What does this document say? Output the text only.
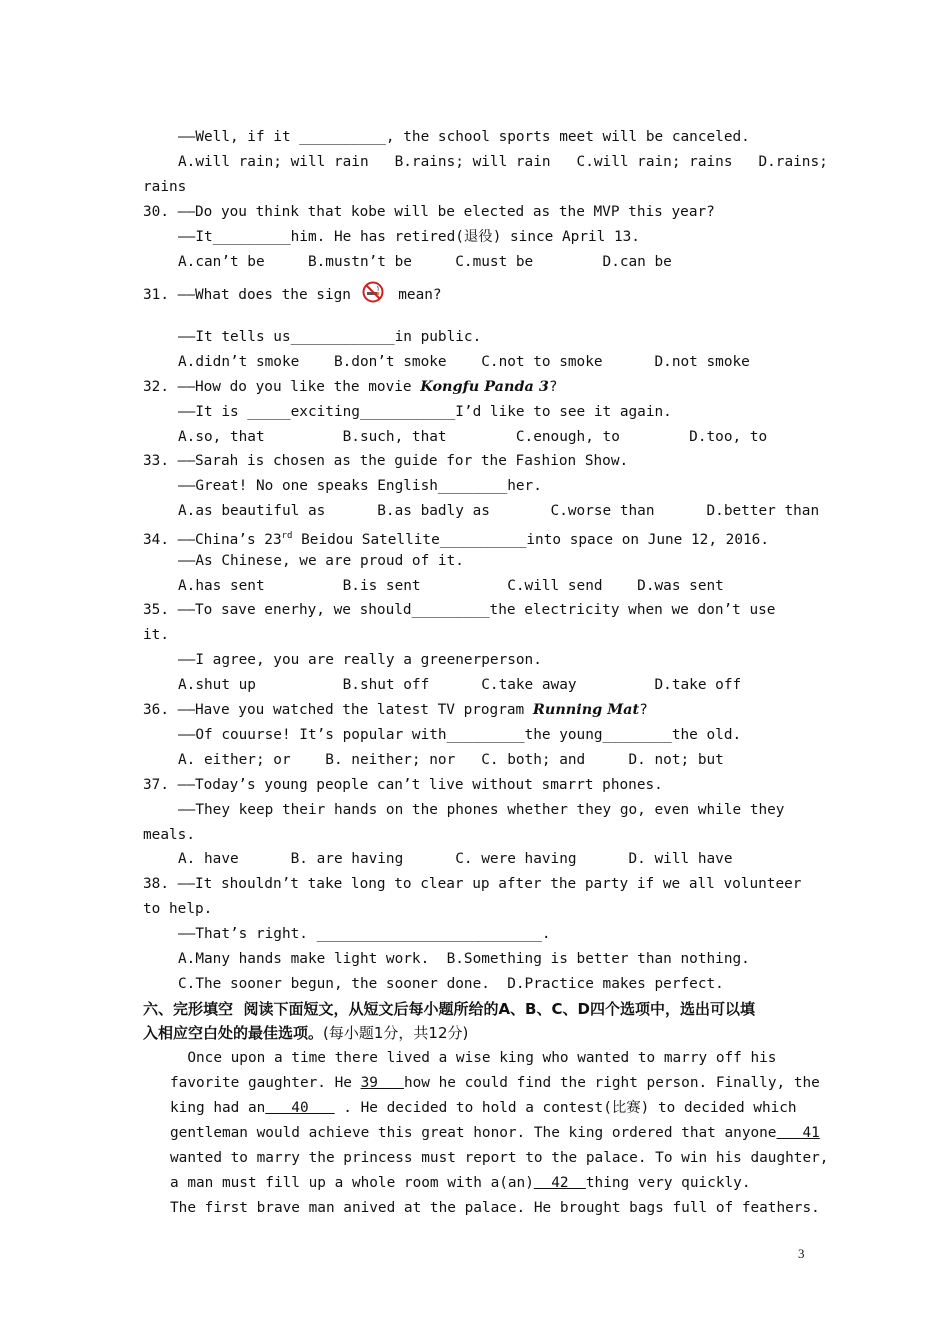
——Well, if it __________, the school sports meet will be canceled.
A.will rain; will rain   B.rains; will rain   C.will rain; rains   D.rains;
rains
30. ——Do you think that kobe will be elected as the MVP this year?
——It_________him. He has retired(退役) since April 13.
A.can’t be     B.mustn’t be     C.must be        D.can be
31. ——What does the sign  mean?
——It tells us____________in public.
A.didn’t smoke    B.don’t smoke    C.not to smoke      D.not smoke
32. ——How do you like the movie Kongfu Panda 3?
——It is _____exciting___________I’d like to see it again.
A.so, that         B.such, that        C.enough, to        D.too, to
33. ——Sarah is chosen as the guide for the Fashion Show.
——Great! No one speaks English________her.
A.as beautiful as      B.as badly as       C.worse than      D.better than
34. ——China’s 23rd Beidou Satellite__________into space on June 12, 2016.
——As Chinese, we are proud of it.
A.has sent         B.is sent          C.will send    D.was sent
35. ——To save enerhy, we should_________the electricity when we don’t use
it.
——I agree, you are really a greenerperson.
A.shut up          B.shut off      C.take away         D.take off
36. ——Have you watched the latest TV program Running Mat?
——Of couurse! It’s popular with_________the young________the old.
A. either; or    B. neither; nor   C. both; and     D. not; but
37. ——Today’s young people can’t live without smarrt phones.
——They keep their hands on the phones whether they go, even while they
meals.
A. have      B. are having      C. were having      D. will have
38. ——It shouldn’t take long to clear up after the party if we all volunteer
to help.
——That’s right. __________________________.
A.Many hands make light work.  B.Something is better than nothing.
C.The sooner begun, the sooner done.  D.Practice makes perfect.
六、完形填空  阅读下面短文，从短文后每小题所给的A、B、C、D四个选项中，选出可以填
入相应空白处的最佳选项。(每小题1分，共12分)
Once upon a time there lived a wise king who wanted to marry off his
favorite gaughter. He 39   how he could find the right person. Finally, the
king had an   40    . He decided to hold a contest(比赛) to decided which
gentleman would achieve this great honor. The king ordered that anyone   41
wanted to marry the princess must report to the palace. To win his daughter,
a man must fill up a whole room with a(an)  42  thing very quickly.
The first brave man anived at the palace. He brought bags full of feathers.
3
